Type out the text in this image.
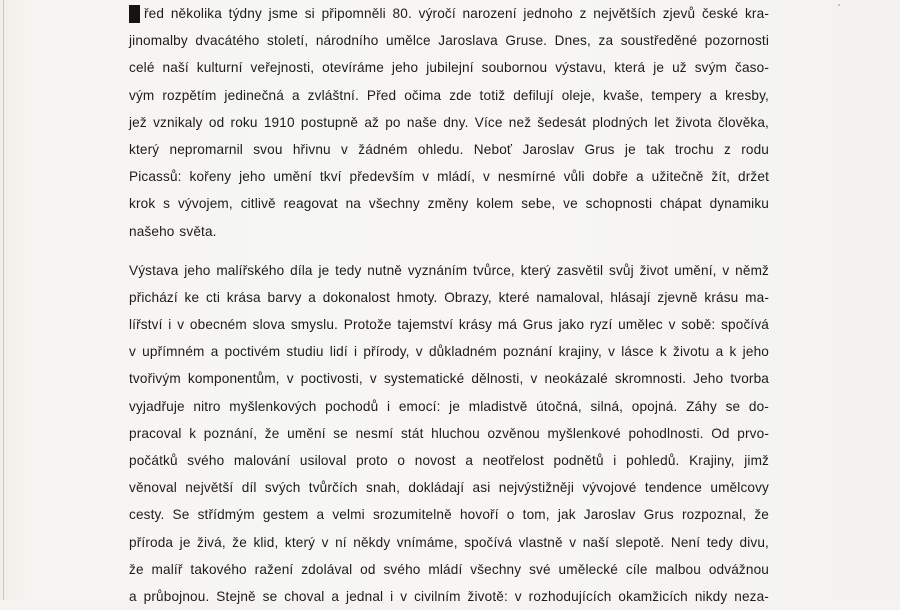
řed několika týdny jsme si připomněli 80. výročí narození jednoho z největších zjevů české kra-
jinomalby dvacátého století, národního umělce Jaroslava Gruse. Dnes, za soustředěné pozornosti
celé naší kulturní veřejnosti, otevíráme jeho jubilejní soubornou výstavu, která je už svým časo-
vým rozpětím jedinečná a zvláštní. Před očima zde totiž defilují oleje, kvaše, tempery a kresby,
jež vznikaly od roku 1910 postupně až po naše dny. Více než šedesát plodných let života člověka,
který nepromarnil svou hřivnu v žádném ohledu. Neboť Jaroslav Grus je tak trochu z rodu
Picassů: kořeny jeho umění tkví především v mládí, v nesmírné vůli dobře a užitečně žít, držet
krok s vývojem, citlivě reagovat na všechny změny kolem sebe, ve schopnosti chápat dynamiku
našeho světa.
Výstava jeho malířského díla je tedy nutně vyznáním tvůrce, který zasvětil svůj život umění, v němž
přichází ke cti krása barvy a dokonalost hmoty. Obrazy, které namaloval, hlásají zjevně krásu ma-
lířství i v obecném slova smyslu. Protože tajemství krásy má Grus jako ryzí umělec v sobě: spočívá
v upřímném a poctivém studiu lidí i přírody, v důkladném poznání krajiny, v lásce k životu a k jeho
tvořivým komponentům, v poctivosti, v systematické dělnosti, v neokázalé skromnosti. Jeho tvorba
vyjadřuje nitro myšlenkových pochodů i emocí: je mladistvě útočná, silná, opojná. Záhy se do-
pracoval k poznání, že umění se nesmí stát hluchou ozvěnou myšlenkové pohodlnosti. Od prvo-
počátků svého malování usiloval proto o novost a neotřelost podnětů i pohledů. Krajiny, jimž
věnoval největší díl svých tvůrčích snah, dokládají asi nejvýstižněji vývojové tendence umělcovy
cesty. Se střídmým gestem a velmi srozumitelně hovoří o tom, jak Jaroslav Grus rozpoznal, že
příroda je živá, že klid, který v ní někdy vnímáme, spočívá vlastně v naší slepotě. Není tedy divu,
že malíř takového ražení zdolával od svého mládí všechny své umělecké cíle malbou odvážnou
a průbojnou. Stejně se choval a jednal i v civilním životě: v rozhodujících okamžicích nikdy neza-
